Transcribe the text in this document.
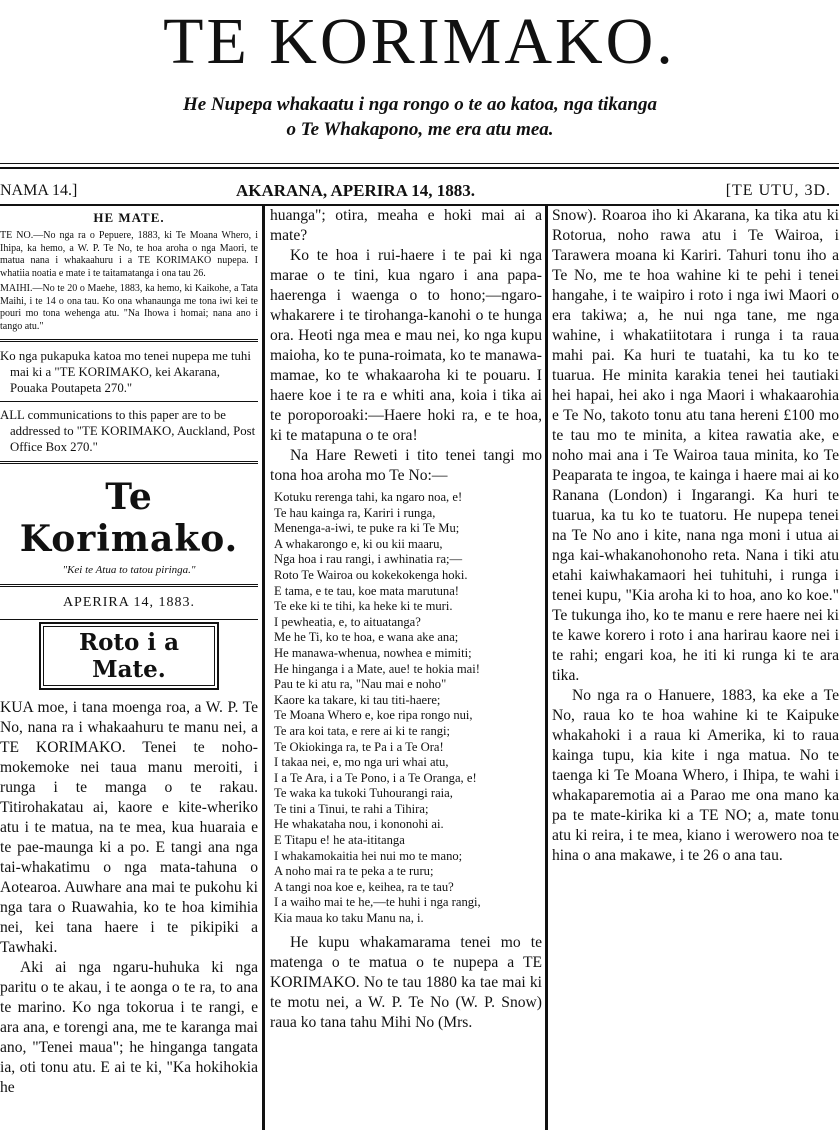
TE KORIMAKO.
He Nupepa whakaatu i nga rongo o te ao katoa, nga tikanga
o Te Whakapono, me era atu mea.
NAMA 14.]	AKARANA, APERIRA 14, 1883.	[TE UTU, 3D.
HE MATE.

TE NO.—No nga ra o Pepuere, 1883, ki Te Moana Whero, i Ihipa, ka hemo, a W. P. Te No, te hoa aroha o nga Maori, te matua nana i whakaahuru i a TE KORIMAKO nupepa. I whatiia noatia e mate i te taitamatanga i ona tau 26.

MAIHI.—No te 20 o Maehe, 1883, ka hemo, ki Kaikohe, a Tata Maihi, i te 14 o ona tau. Ko ona whanaunga me tona iwi kei te pouri mo tona wehenga atu. "Na Ihowa i homai; nana ano i tango atu."

Ko nga pukapuka katoa mo tenei nupepa me tuhi mai ki a "TE KORIMAKO, kei Akarana, Pouaka Poutapeta 270."

ALL communications to this paper are to be addressed to "TE KORIMAKO, Auckland, Post Office Box 270."

Te Korimako.
"Kei te Atua to tatou piringa."
APERIRA 14, 1883.
Roto i a Mate.

KUA moe, i tana moenga roa, a W. P. Te No, nana ra i whakaahuru te manu nei, a TE KORIMAKO. Tenei te noho-mokemoke nei taua manu meroiti, i runga i te manga o te rakau. Titirohakatau ai, kaore e kite-wheriko atu i te matua, na te mea, kua huaraia e te pae-maunga ki a po. E tangi ana nga tai-whakatimu o nga mata-tahuna o Aotearoa. Auwhare ana mai te pukohu ki nga tara o Ruawahia, ko te hoa kimihia nei, kei tana haere i te pikipiki a Tawhaki.

Aki ai nga ngaru-huhuka ki nga paritu o te akau, i te aonga o te ra, to ana te marino. Ko nga tokorua i te rangi, e ara ana, e torengi ana, me te karanga mai ano, "Tenei maua"; he hinganga tangata ia, oti tonu atu. E ai te ki, "Ka hokihokia he

huanga"; otira, meaha e hoki mai ai a mate?

Ko te hoa i rui-haere i te pai ki nga marae o te tini, kua ngaro i ana papa-haerenga i waenga o to hono;—ngaro-whakarere i te tirohanga-kanohi o te hunga ora. Heoti nga mea e mau nei, ko nga kupu maioha, ko te puna-roimata, ko te manawa-mamae, ko te whakaaroha ki te pouaru. I haere koe i te ra e whiti ana, koia i tika ai te poroporoaki:—Haere hoki ra, e te hoa, ki te matapuna o te ora!

Na Hare Reweti i tito tenei tangi mo tona hoa aroha mo Te No:—

Kotuku rerenga tahi, ka ngaro noa, e!
Te hau kainga ra, Kariri i runga,
Menenga-a-iwi, te puke ra ki Te Mu;
A whakarongo e, ki ou kii maaru,
Nga hoa i rau rangi, i awhinatia ra;—
Roto Te Wairoa ou kokekokenga hoki.
E tama, e te tau, koe mata marutuna!
Te eke ki te tihi, ka heke ki te muri.
I pewheatia, e, to aituatanga?
Me he Ti, ko te hoa, e wana ake ana;
He manawa-whenua, nowhea e mimiti;
He hinganga i a Mate, aue! te hokia mai!
Pau te ki atu ra, "Nau mai e noho"
Kaore ka takare, ki tau titi-haere;
Te Moana Whero e, koe ripa rongo nui,
Te ara koi tata, e rere ai ki te rangi;
Te Okiokinga ra, te Pa i a Te Ora!
I takaa nei, e, mo nga uri whai atu,
I a Te Ara, i a Te Pono, i a Te Oranga, e!
Te waka ka tukoki Tuhourangi raia,
Te tini a Tinui, te rahi a Tihira;
He whakataha nou, i kononohi ai.
E Titapu e! he ata-ititanga
I whakamokaitia hei nui mo te mano;
A noho mai ra te peka a te ruru;
A tangi noa koe e, keihea, ra te tau?
I a waiho mai te he,—te huhi i nga rangi,
Kia maua ko taku Manu na, i.

He kupu whakamarama tenei mo te matenga o te matua o te nupepa a TE KORIMAKO. No te tau 1880 ka tae mai ki te motu nei, a W. P. Te No (W. P. Snow) raua ko tana tahu Mihi No (Mrs.

Snow). Roaroa iho ki Akarana, ka tika atu ki Rotorua, noho rawa atu i Te Wairoa, i Tarawera moana ki Kariri. Tahuri tonu iho a Te No, me te hoa wahine ki te pehi i tenei hangahe, i te waipiro i roto i nga iwi Maori o era takiwa; a, he nui nga tane, me nga wahine, i whakatiitotara i runga i ta raua mahi pai. Ka huri te tuatahi, ka tu ko te tuarua. He minita karakia tenei hei tautiaki hei hapai, hei ako i nga Maori i whakaarohia e Te No, takoto tonu atu tana hereni £100 mo te tau mo te minita, a kitea rawatia ake, e noho mai ana i Te Wairoa taua minita, ko Te Peaparata te ingoa, te kainga i haere mai ai ko Ranana (London) i Ingarangi. Ka huri te tuarua, ka tu ko te tuatoru. He nupepa tenei na Te No ano i kite, nana nga moni i utua ai nga kai-whakanohonoho reta. Nana i tiki atu etahi kaiwhakamaori hei tuhituhi, i runga i tenei kupu, "Kia aroha ki to hoa, ano ko koe." Te tukunga iho, ko te manu e rere haere nei ki te kawe korero i roto i ana harirau kaore nei i te rahi; engari koa, he iti ki runga ki te ara tika.

No nga ra o Hanuere, 1883, ka eke a Te No, raua ko te hoa wahine ki te Kaipuke whakahoki i a raua ki Amerika, ki to raua kainga tupu, kia kite i nga matua. No te taenga ki Te Moana Whero, i Ihipa, te wahi i whakaparemotia ai a Parao me ona mano ka pa te mate-kirika ki a TE NO; a, mate tonu atu ki reira, i te mea, kiano i werowero noa te hina o ana makawe, i te 26 o ana tau.
